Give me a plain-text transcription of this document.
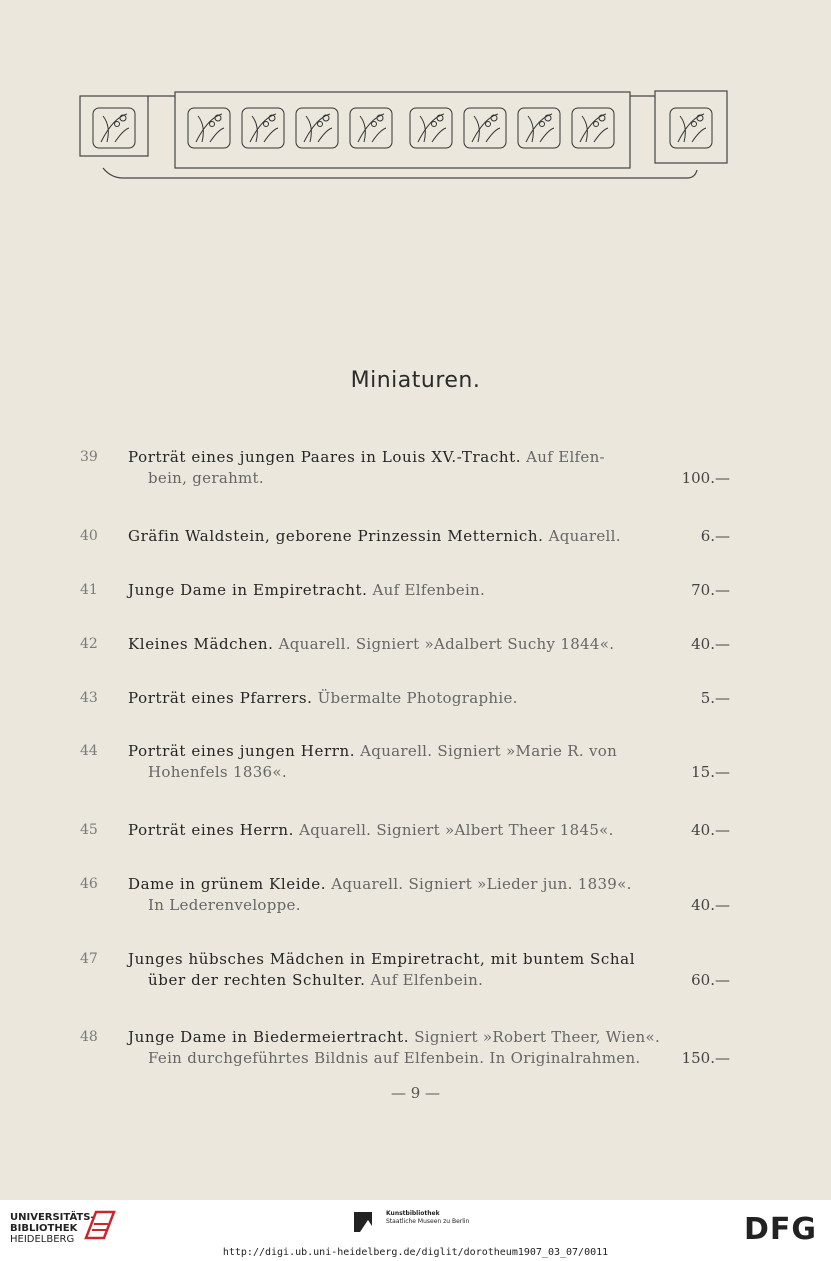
Miniaturen.
39	Porträt eines jungen Paares in Louis XV.-Tracht. Auf Elfen-
bein, gerahmt.	100.—
40	Gräfin Waldstein, geborene Prinzessin Metternich. Aquarell.	6.—
41	Junge Dame in Empiretracht. Auf Elfenbein.	70.—
42	Kleines Mädchen. Aquarell. Signiert »Adalbert Suchy 1844«.	40.—
43	Porträt eines Pfarrers. Übermalte Photographie.	5.—
44	Porträt eines jungen Herrn. Aquarell. Signiert »Marie R. von
Hohenfels 1836«.	15.—
45	Porträt eines Herrn. Aquarell. Signiert »Albert Theer 1845«.	40.—
46	Dame in grünem Kleide. Aquarell. Signiert »Lieder jun. 1839«.
In Lederenveloppe.	40.—
47	Junges hübsches Mädchen in Empiretracht, mit buntem Schal
über der rechten Schulter. Auf Elfenbein.	60.—
48	Junge Dame in Biedermeiertracht. Signiert »Robert Theer, Wien«.
Fein durchgeführtes Bildnis auf Elfenbein. In Originalrahmen.	150.—
— 9 —
UNIVERSITÄTS-
BIBLIOTHEK
HEIDELBERG
Kunstbibliothek
Staatliche Museen zu Berlin	DFG
http://digi.ub.uni-heidelberg.de/diglit/dorotheum1907_03_07/0011
